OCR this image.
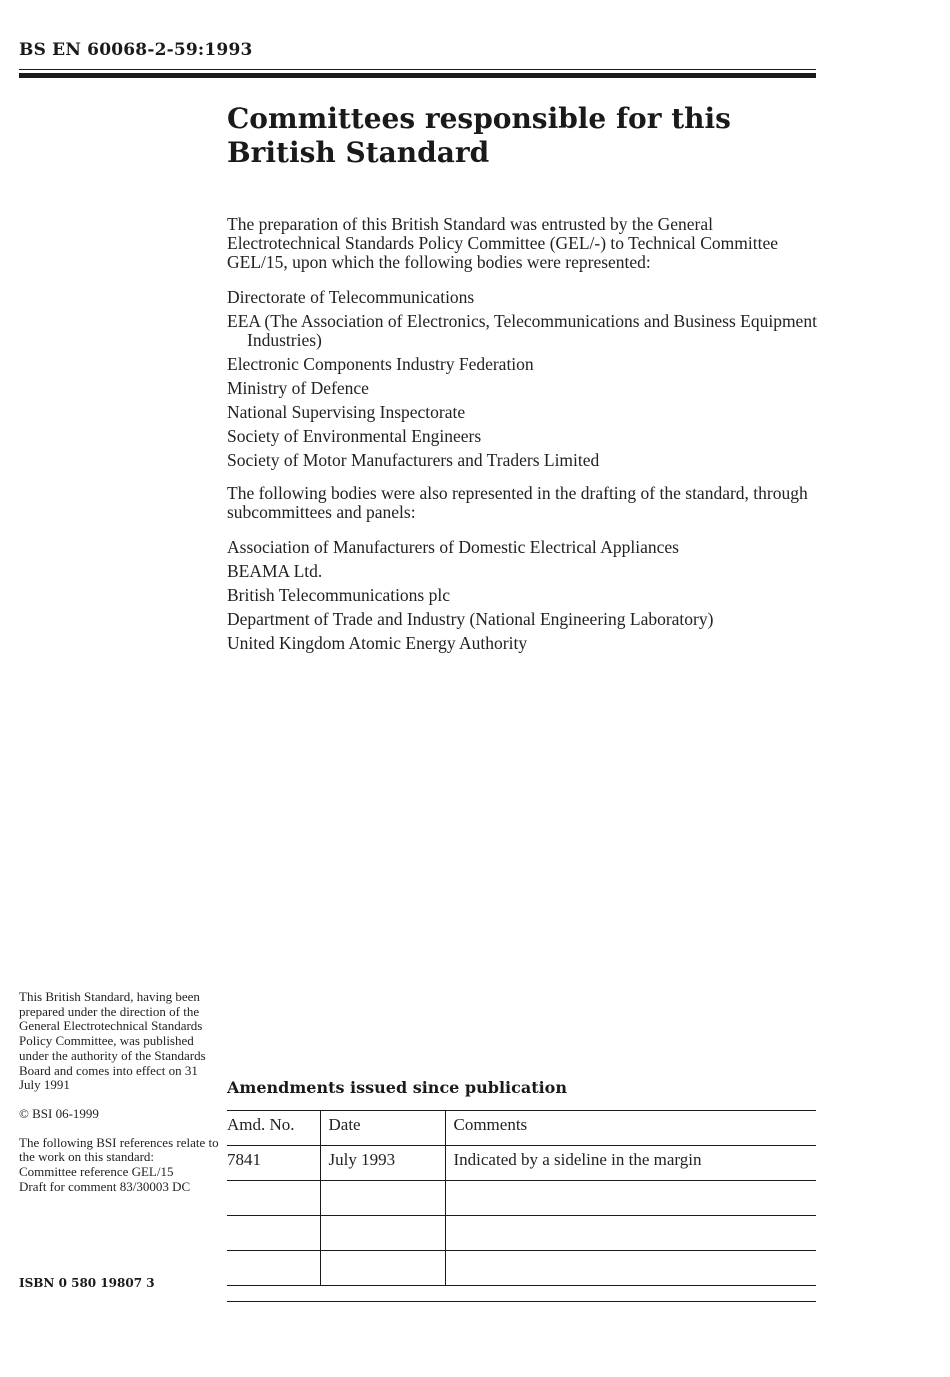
BS EN 60068-2-59:1993
Committees responsible for this
British Standard

The preparation of this British Standard was entrusted by the General Electrotechnical Standards Policy Committee (GEL/-) to Technical Committee GEL/15, upon which the following bodies were represented:

Directorate of Telecommunications
EEA (The Association of Electronics, Telecommunications and Business Equipment Industries)
Electronic Components Industry Federation
Ministry of Defence
National Supervising Inspectorate
Society of Environmental Engineers
Society of Motor Manufacturers and Traders Limited

The following bodies were also represented in the drafting of the standard, through subcommittees and panels:

Association of Manufacturers of Domestic Electrical Appliances
BEAMA Ltd.
British Telecommunications plc
Department of Trade and Industry (National Engineering Laboratory)
United Kingdom Atomic Energy Authority

This British Standard, having been prepared under the direction of the General Electrotechnical Standards Policy Committee, was published under the authority of the Standards Board and comes into effect on 31 July 1991

© BSI 06-1999

The following BSI references relate to the work on this standard:

Committee reference GEL/15

Draft for comment 83/30003 DC

ISBN 0 580 19807 3
Amendments issued since publication
Amd. No.	Date	Comments
7841	July 1993	Indicated by a sideline in the margin
